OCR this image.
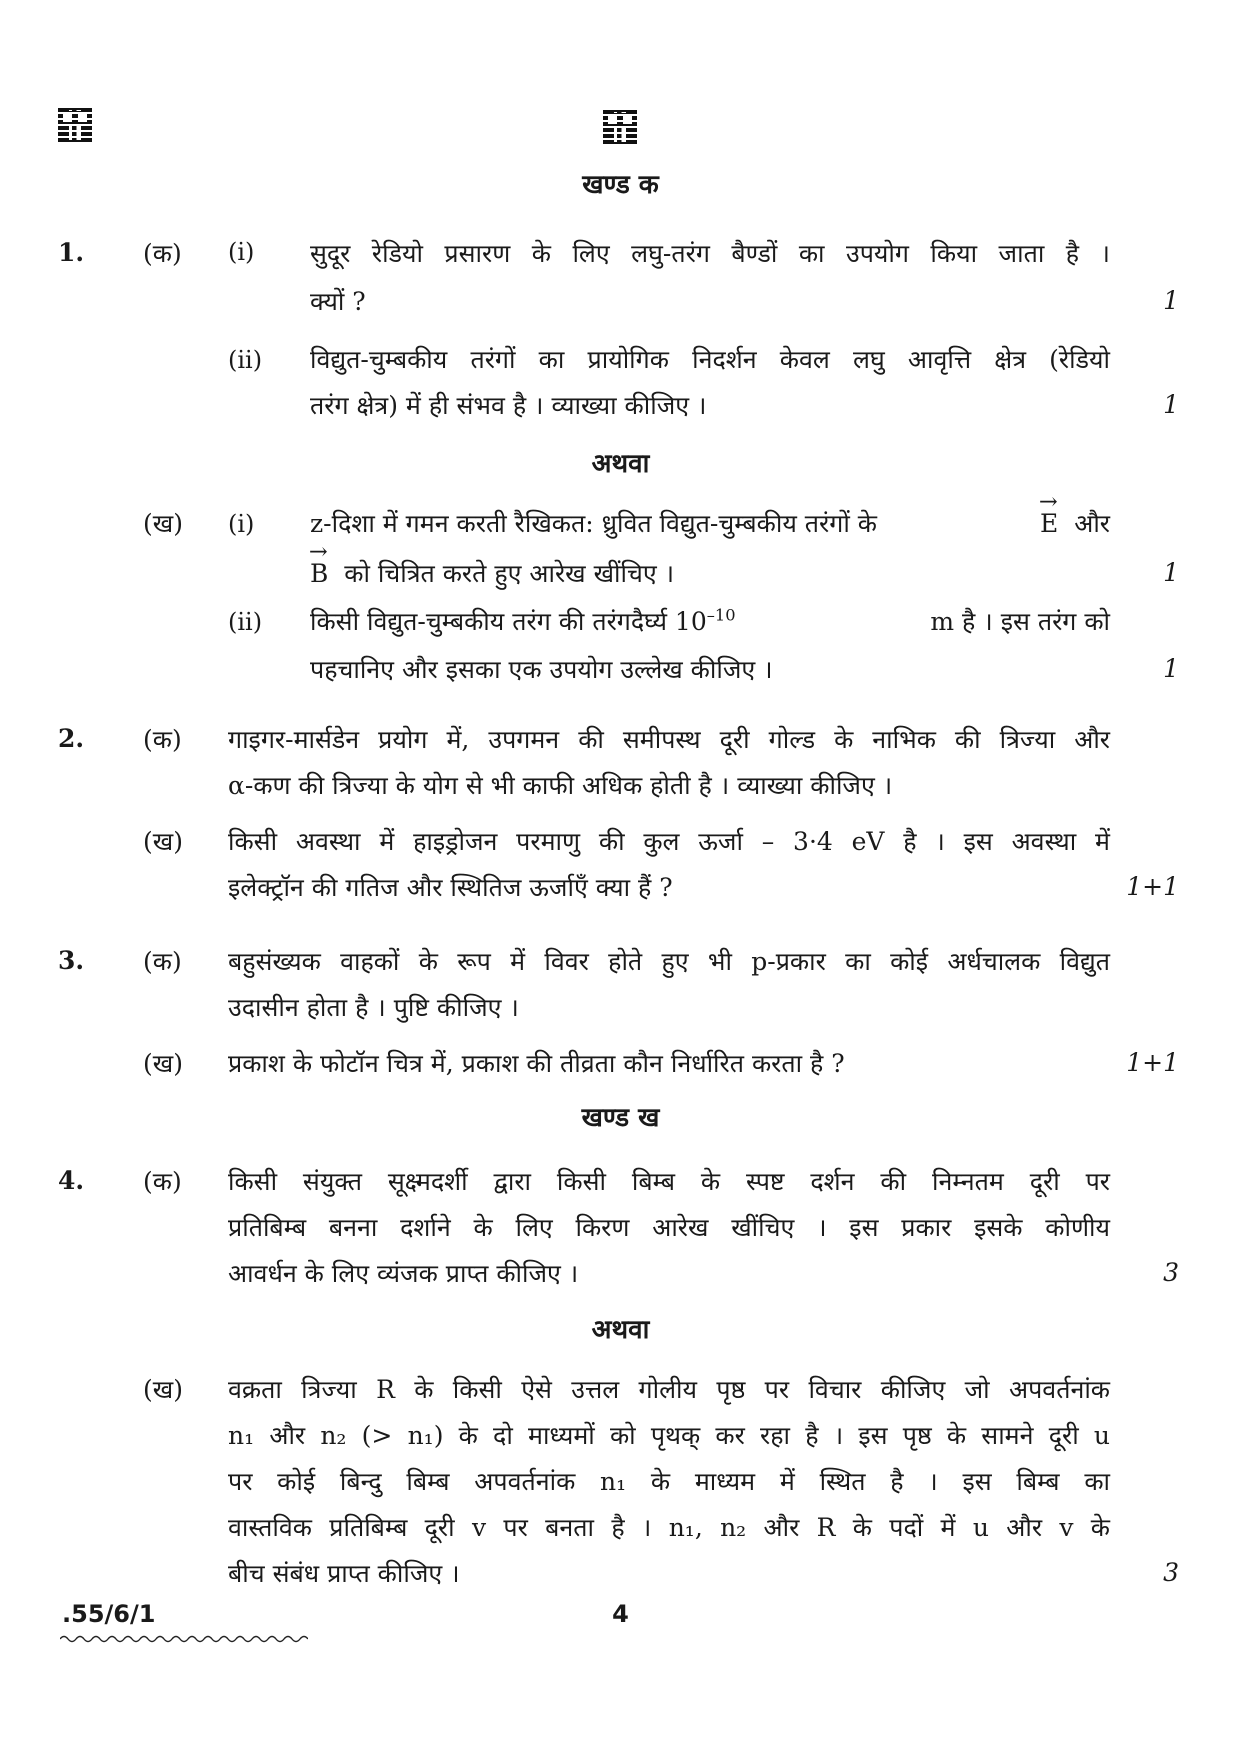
खण्ड क
1. (क) (i) सुदूर रेडियो प्रसारण के लिए लघु-तरंग बैण्डों का उपयोग किया जाता है ।
क्यों ?	1
(ii) विद्युत-चुम्बकीय तरंगों का प्रायोगिक निदर्शन केवल लघु आवृत्ति क्षेत्र (रेडियो
तरंग क्षेत्र) में ही संभव है । व्याख्या कीजिए ।	1
अथवा
(ख) (i) z-दिशा में गमन करती रैखिकत: ध्रुवित विद्युत-चुम्बकीय तरंगों के	→ E और
→ B को चित्रित करते हुए आरेख खींचिए ।	1
(ii) किसी विद्युत-चुम्बकीय तरंग की तरंगदैर्घ्य $10^{-10}$	m है । इस तरंग को
पहचानिए और इसका एक उपयोग उल्लेख कीजिए ।	1
2. (क) गाइगर-मार्सडेन प्रयोग में, उपगमन की समीपस्थ दूरी गोल्ड के नाभिक की त्रिज्या और
α-कण की त्रिज्या के योग से भी काफी अधिक होती है । व्याख्या कीजिए ।
(ख) किसी अवस्था में हाइड्रोजन परमाणु की कुल ऊर्जा – 3·4 eV है । इस अवस्था में
इलेक्ट्रॉन की गतिज और स्थितिज ऊर्जाएँ क्या हैं ?	1+1
3. (क) बहुसंख्यक वाहकों के रूप में विवर होते हुए भी p-प्रकार का कोई अर्धचालक विद्युत
उदासीन होता है । पुष्टि कीजिए ।
(ख) प्रकाश के फोटॉन चित्र में, प्रकाश की तीव्रता कौन निर्धारित करता है ?	1+1
खण्ड ख
4. (क) किसी संयुक्त सूक्ष्मदर्शी द्वारा किसी बिम्ब के स्पष्ट दर्शन की निम्नतम दूरी पर
प्रतिबिम्ब बनना दर्शाने के लिए किरण आरेख खींचिए । इस प्रकार इसके कोणीय
आवर्धन के लिए व्यंजक प्राप्त कीजिए ।	3
अथवा
(ख) वक्रता त्रिज्या R के किसी ऐसे उत्तल गोलीय पृष्ठ पर विचार कीजिए जो अपवर्तनांक
n₁ और n₂ (> n₁) के दो माध्यमों को पृथक् कर रहा है । इस पृष्ठ के सामने दूरी u
पर कोई बिन्दु बिम्ब अपवर्तनांक n₁ के माध्यम में स्थित है । इस बिम्ब का
वास्तविक प्रतिबिम्ब दूरी v पर बनता है । n₁, n₂ और R के पदों में u और v के
बीच संबंध प्राप्त कीजिए ।	3
.55/6/1	4
